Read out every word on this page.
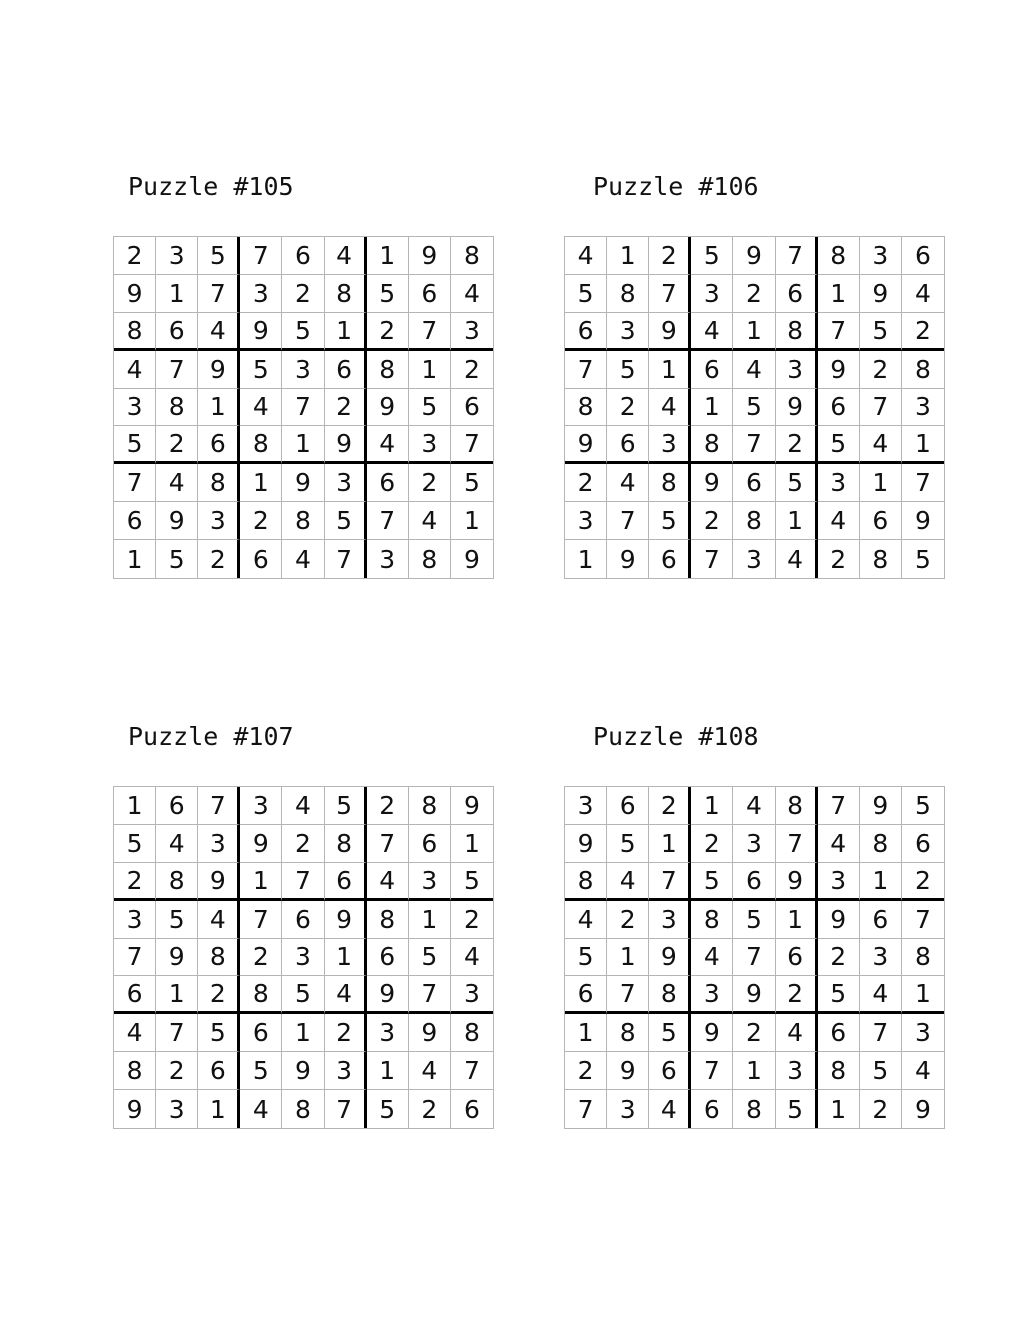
Puzzle #105
2	3	5	7	6	4	1	9	8
9	1	7	3	2	8	5	6	4
8	6	4	9	5	1	2	7	3
4	7	9	5	3	6	8	1	2
3	8	1	4	7	2	9	5	6
5	2	6	8	1	9	4	3	7
7	4	8	1	9	3	6	2	5
6	9	3	2	8	5	7	4	1
1	5	2	6	4	7	3	8	9
Puzzle #106
4	1	2	5	9	7	8	3	6
5	8	7	3	2	6	1	9	4
6	3	9	4	1	8	7	5	2
7	5	1	6	4	3	9	2	8
8	2	4	1	5	9	6	7	3
9	6	3	8	7	2	5	4	1
2	4	8	9	6	5	3	1	7
3	7	5	2	8	1	4	6	9
1	9	6	7	3	4	2	8	5
Puzzle #107
1	6	7	3	4	5	2	8	9
5	4	3	9	2	8	7	6	1
2	8	9	1	7	6	4	3	5
3	5	4	7	6	9	8	1	2
7	9	8	2	3	1	6	5	4
6	1	2	8	5	4	9	7	3
4	7	5	6	1	2	3	9	8
8	2	6	5	9	3	1	4	7
9	3	1	4	8	7	5	2	6
Puzzle #108
3	6	2	1	4	8	7	9	5
9	5	1	2	3	7	4	8	6
8	4	7	5	6	9	3	1	2
4	2	3	8	5	1	9	6	7
5	1	9	4	7	6	2	3	8
6	7	8	3	9	2	5	4	1
1	8	5	9	2	4	6	7	3
2	9	6	7	1	3	8	5	4
7	3	4	6	8	5	1	2	9
